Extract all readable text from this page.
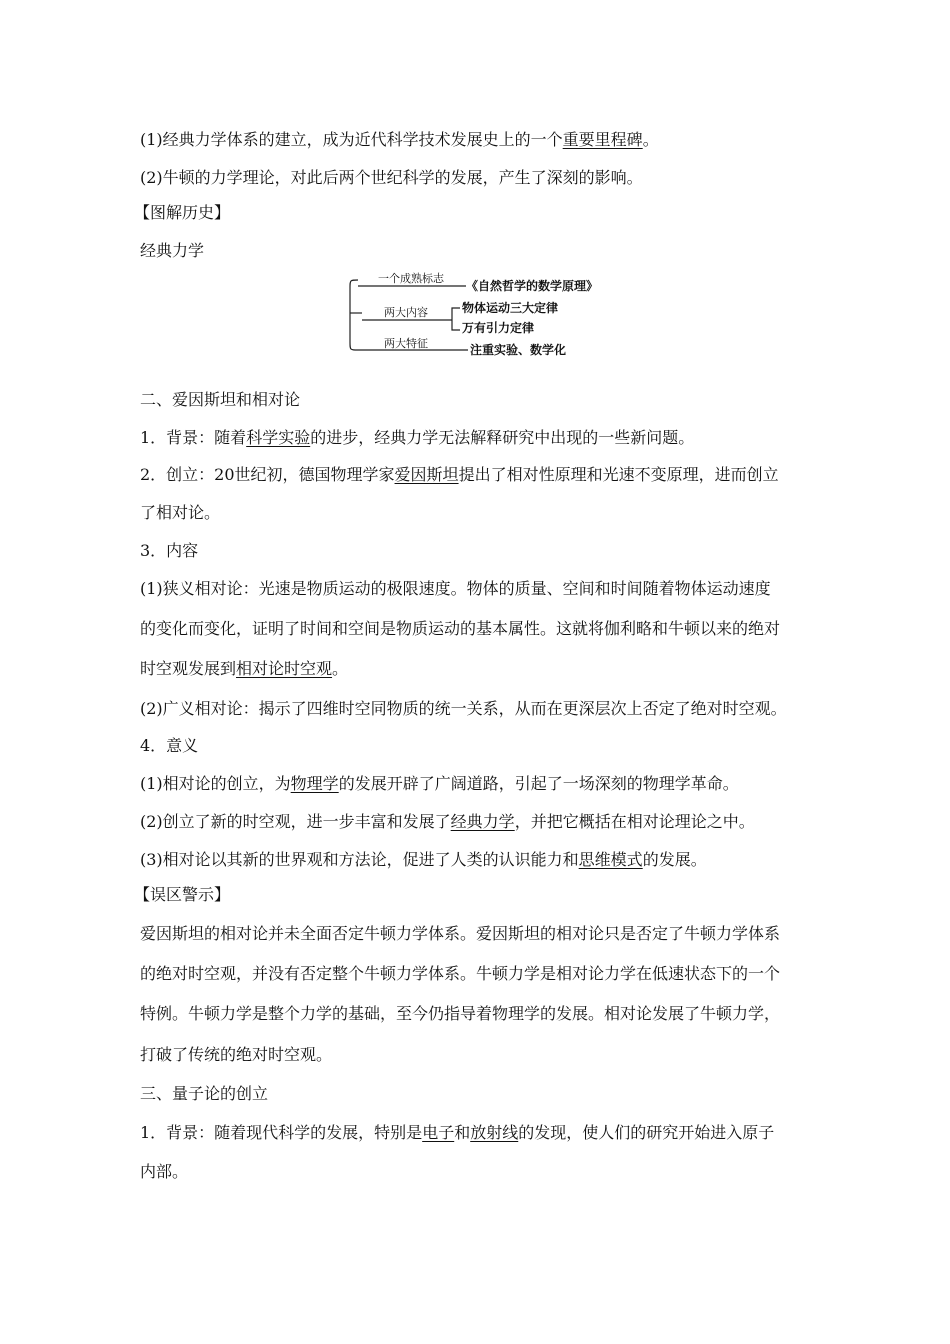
(1)经典力学体系的建立，成为近代科学技术发展史上的一个重要里程碑。
(2)牛顿的力学理论，对此后两个世纪科学的发展，产生了深刻的影响。
【图解历史】
经典力学
一个成熟标志
两大内容
两大特征
《自然哲学的数学原理》
物体运动三大定律
万有引力定律
注重实验、数学化
二、爱因斯坦和相对论
1．背景：随着科学实验的进步，经典力学无法解释研究中出现的一些新问题。
2．创立：20世纪初，德国物理学家爱因斯坦提出了相对性原理和光速不变原理，进而创立
了相对论。
3．内容
(1)狭义相对论：光速是物质运动的极限速度。物体的质量、空间和时间随着物体运动速度
的变化而变化，证明了时间和空间是物质运动的基本属性。这就将伽利略和牛顿以来的绝对
时空观发展到相对论时空观。
(2)广义相对论：揭示了四维时空同物质的统一关系，从而在更深层次上否定了绝对时空观。
4．意义
(1)相对论的创立，为物理学的发展开辟了广阔道路，引起了一场深刻的物理学革命。
(2)创立了新的时空观，进一步丰富和发展了经典力学，并把它概括在相对论理论之中。
(3)相对论以其新的世界观和方法论，促进了人类的认识能力和思维模式的发展。
【误区警示】
爱因斯坦的相对论并未全面否定牛顿力学体系。爱因斯坦的相对论只是否定了牛顿力学体系
的绝对时空观，并没有否定整个牛顿力学体系。牛顿力学是相对论力学在低速状态下的一个
特例。牛顿力学是整个力学的基础，至今仍指导着物理学的发展。相对论发展了牛顿力学，
打破了传统的绝对时空观。
三、量子论的创立
1．背景：随着现代科学的发展，特别是电子和放射线的发现，使人们的研究开始进入原子
内部。
